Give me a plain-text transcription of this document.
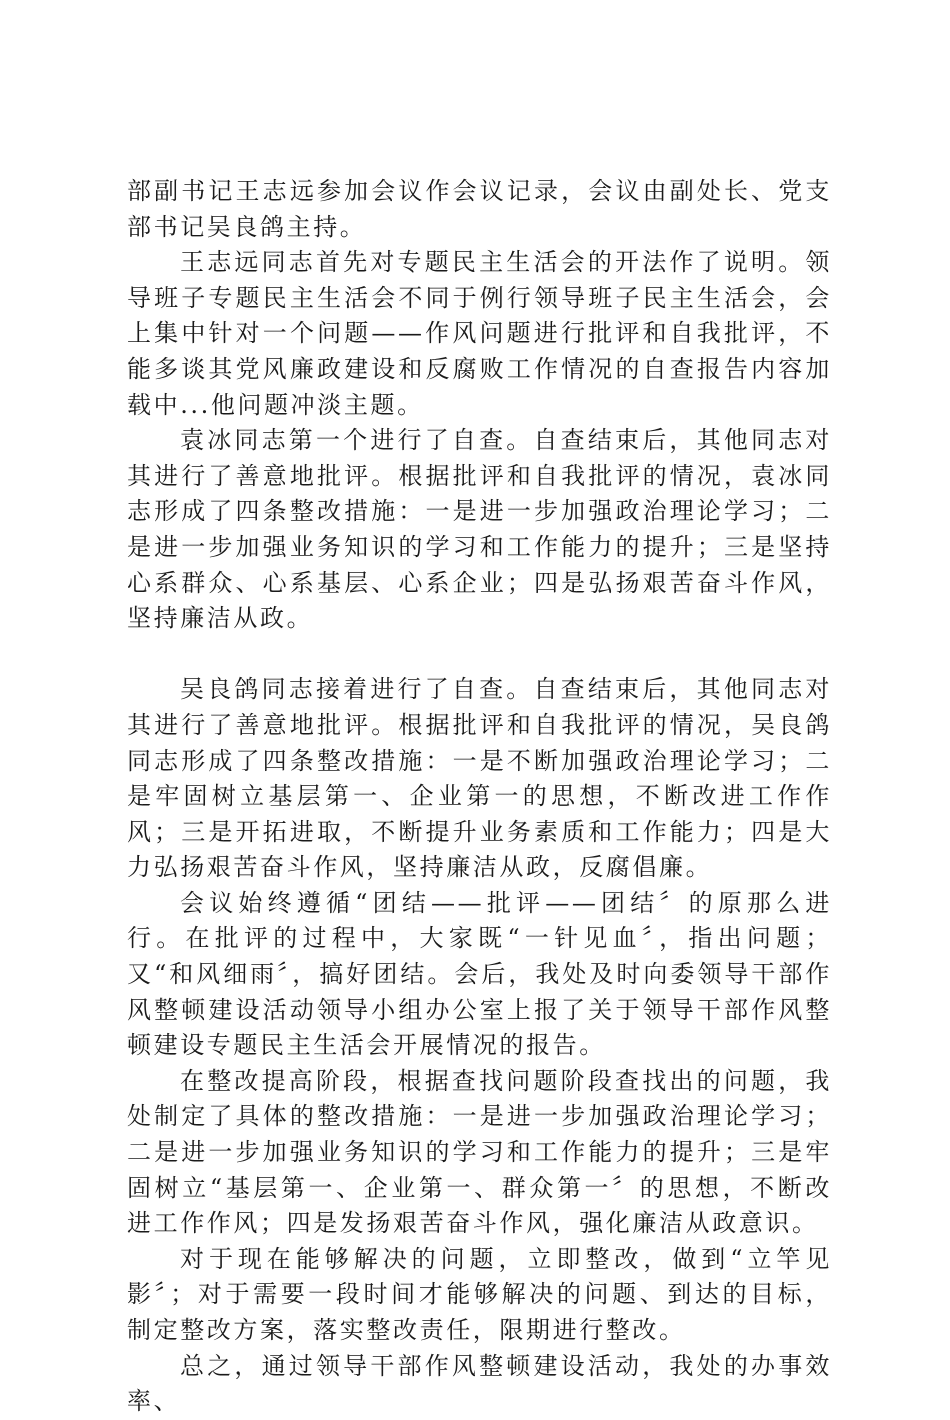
部副书记王志远参加会议作会议记录，会议由副处长、党支部书记吴良鸽主持。

王志远同志首先对专题民主生活会的开法作了说明。领导班子专题民主生活会不同于例行领导班子民主生活会，会上集中针对一个问题——作风问题进行批评和自我批评，不能多谈其党风廉政建设和反腐败工作情况的自查报告内容加载中...他问题冲淡主题。

袁冰同志第一个进行了自查。自查结束后，其他同志对其进行了善意地批评。根据批评和自我批评的情况，袁冰同志形成了四条整改措施：一是进一步加强政治理论学习；二是进一步加强业务知识的学习和工作能力的提升；三是坚持心系群众、心系基层、心系企业；四是弘扬艰苦奋斗作风，坚持廉洁从政。

吴良鸽同志接着进行了自查。自查结束后，其他同志对其进行了善意地批评。根据批评和自我批评的情况，吴良鸽同志形成了四条整改措施：一是不断加强政治理论学习；二是牢固树立基层第一、企业第一的思想，不断改进工作作风；三是开拓进取，不断提升业务素质和工作能力；四是大力弘扬艰苦奋斗作风，坚持廉洁从政，反腐倡廉。

会议始终遵循“团结——批评——团结〞的原那么进行。在批评的过程中，大家既“一针见血〞，指出问题；又“和风细雨〞，搞好团结。会后，我处及时向委领导干部作风整顿建设活动领导小组办公室上报了关于领导干部作风整顿建设专题民主生活会开展情况的报告。

在整改提高阶段，根据查找问题阶段查找出的问题，我处制定了具体的整改措施：一是进一步加强政治理论学习；二是进一步加强业务知识的学习和工作能力的提升；三是牢固树立“基层第一、企业第一、群众第一〞的思想，不断改进工作作风；四是发扬艰苦奋斗作风，强化廉洁从政意识。

对于现在能够解决的问题，立即整改，做到“立竿见影〞；对于需要一段时间才能够解决的问题、到达的目标，制定整改方案，落实整改责任，限期进行整改。

总之，通过领导干部作风整顿建设活动，我处的办事效率、
